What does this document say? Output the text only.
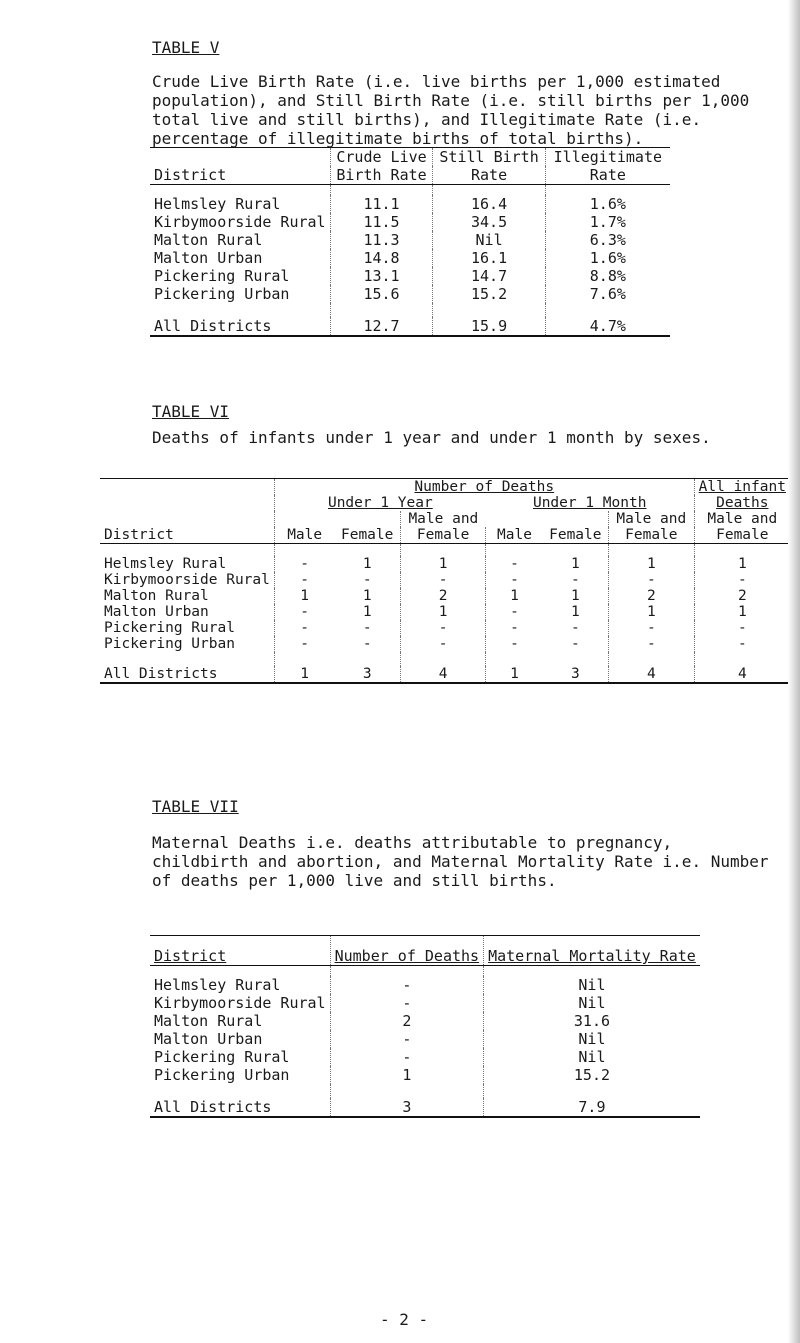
TABLE V
Crude Live Birth Rate (i.e. live births per 1,000 estimated population), and Still Birth Rate (i.e. still births per 1,000 total live and still births), and Illegitimate Rate (i.e. percentage of illegitimate births of total births).
	Crude Live	Still Birth	Illegitimate
District	Birth Rate	Rate	Rate

Helmsley Rural	11.1	16.4	1.6%
Kirbymoorside Rural	11.5	34.5	1.7%
Malton Rural	11.3	Nil	6.3%
Malton Urban	14.8	16.1	1.6%
Pickering Rural	13.1	14.7	8.8%
Pickering Urban	15.6	15.2	7.6%

All Districts	12.7	15.9	4.7%
TABLE VI
Deaths of infants under 1 year and under 1 month by sexes.
	Number of Deaths						All infant
	Under 1 Year			Under 1 Month			Deaths
			Male and			Male and	Male and
District	Male	Female	Female	Male	Female	Female	Female

Helmsley Rural	-	1	1	-	1	1	1
Kirbymoorside Rural	-	-	-	-	-	-	-
Malton Rural	1	1	2	1	1	2	2
Malton Urban	-	1	1	-	1	1	1
Pickering Rural	-	-	-	-	-	-	-
Pickering Urban	-	-	-	-	-	-	-

All Districts	1	3	4	1	3	4	4
TABLE VII
Maternal Deaths i.e. deaths attributable to pregnancy, childbirth and abortion, and Maternal Mortality Rate i.e. Number of deaths per 1,000 live and still births.
District	Number of Deaths	Maternal Mortality Rate

Helmsley Rural	-	Nil
Kirbymoorside Rural	-	Nil
Malton Rural	2	31.6
Malton Urban	-	Nil
Pickering Rural	-	Nil
Pickering Urban	1	15.2

All Districts	3	7.9
- 2 -
